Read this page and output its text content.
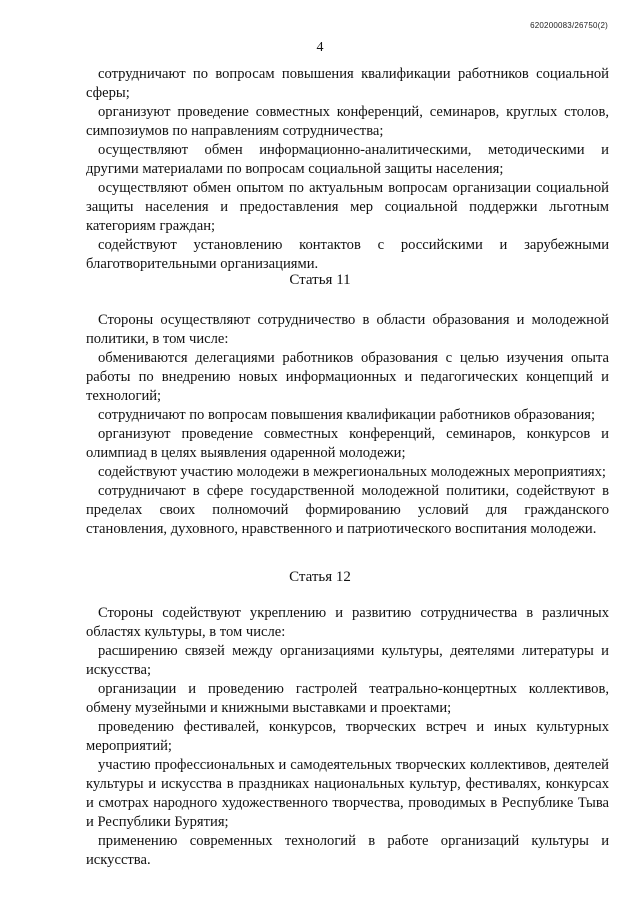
620200083/26750(2)
4

сотрудничают по вопросам повышения квалификации работников социальной сферы;

организуют проведение совместных конференций, семинаров, круглых столов, симпозиумов по направлениям сотрудничества;

осуществляют обмен информационно-аналитическими, методическими и другими материалами по вопросам социальной защиты населения;

осуществляют обмен опытом по актуальным вопросам организации социальной защиты населения и предоставления мер социальной поддержки льготным категориям граждан;

содействуют установлению контактов с российскими и зарубежными благотворительными организациями.

Статья 11

Стороны осуществляют сотрудничество в области образования и молодежной политики, в том числе:

обмениваются делегациями работников образования с целью изучения опыта работы по внедрению новых информационных и педагогических концепций и технологий;

сотрудничают по вопросам повышения квалификации работников образования;

организуют проведение совместных конференций, семинаров, конкурсов и олимпиад в целях выявления одаренной молодежи;

содействуют участию молодежи в межрегиональных молодежных мероприятиях;

сотрудничают в сфере государственной молодежной политики, содействуют в пределах своих полномочий формированию условий для гражданского становления, духовного, нравственного и патриотического воспитания молодежи.

Статья 12

Стороны содействуют укреплению и развитию сотрудничества в различных областях культуры, в том числе:

расширению связей между организациями культуры, деятелями литературы и искусства;

организации и проведению гастролей театрально-концертных коллективов, обмену музейными и книжными выставками и проектами;

проведению фестивалей, конкурсов, творческих встреч и иных культурных мероприятий;

участию профессиональных и самодеятельных творческих коллективов, деятелей культуры и искусства в праздниках национальных культур, фестивалях, конкурсах и смотрах народного художественного творчества, проводимых в Республике Тыва и Республики Бурятия;

применению современных технологий в работе организаций культуры и искусства.
